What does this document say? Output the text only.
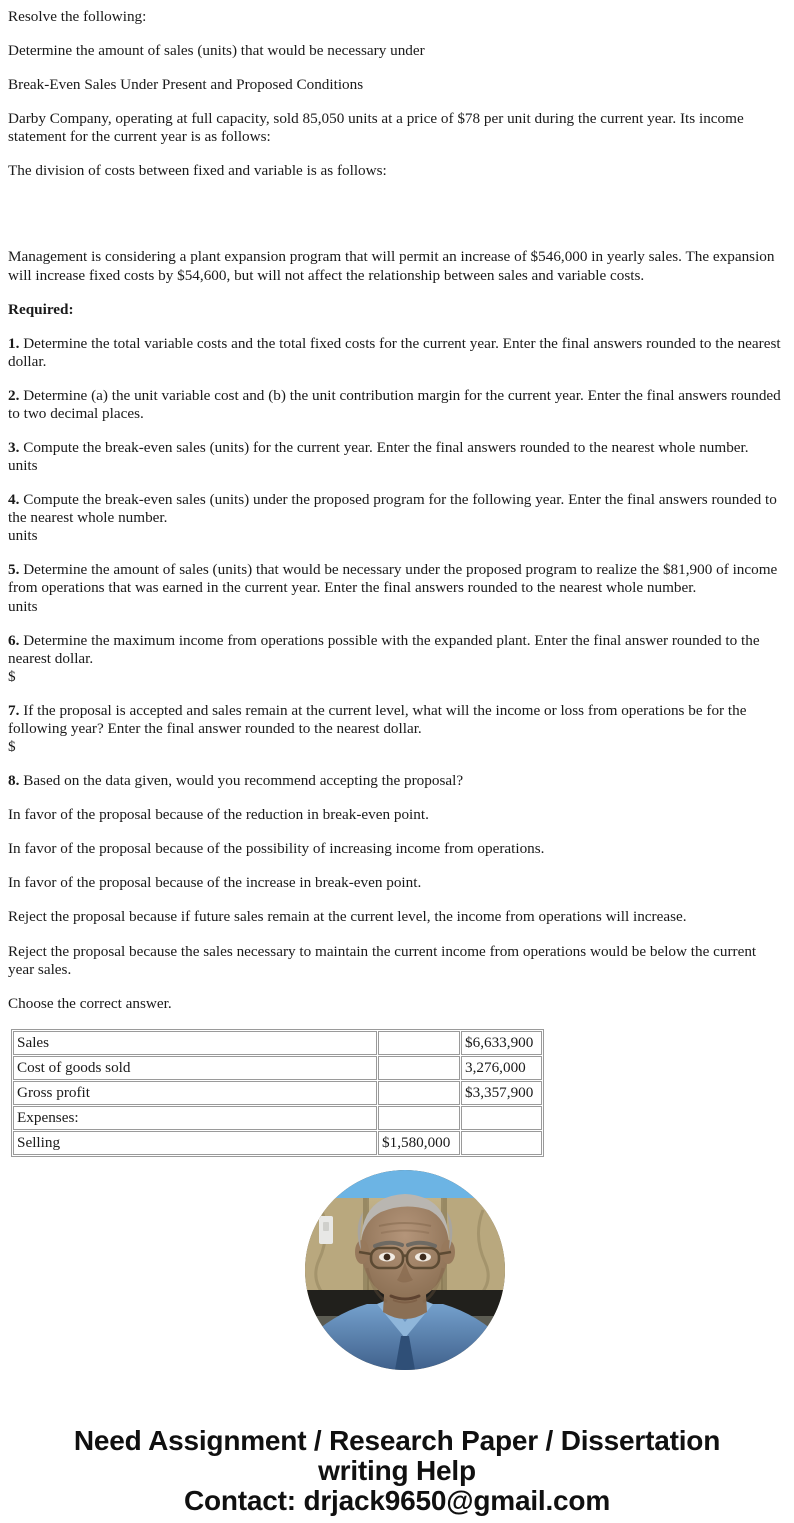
Resolve the following:

Determine the amount of sales (units) that would be necessary under

Break-Even Sales Under Present and Proposed Conditions

Darby Company, operating at full capacity, sold 85,050 units at a price of $78 per unit during the current year. Its income statement for the current year is as follows:

The division of costs between fixed and variable is as follows:

Management is considering a plant expansion program that will permit an increase of $546,000 in yearly sales. The expansion will increase fixed costs by $54,600, but will not affect the relationship between sales and variable costs.

Required:

1. Determine the total variable costs and the total fixed costs for the current year. Enter the final answers rounded to the nearest dollar.

2. Determine (a) the unit variable cost and (b) the unit contribution margin for the current year. Enter the final answers rounded to two decimal places.

3. Compute the break-even sales (units) for the current year. Enter the final answers rounded to the nearest whole number.

units

4. Compute the break-even sales (units) under the proposed program for the following year. Enter the final answers rounded to the nearest whole number.

units

5. Determine the amount of sales (units) that would be necessary under the proposed program to realize the $81,900 of income from operations that was earned in the current year. Enter the final answers rounded to the nearest whole number.

units

6. Determine the maximum income from operations possible with the expanded plant. Enter the final answer rounded to the nearest dollar.

$

7. If the proposal is accepted and sales remain at the current level, what will the income or loss from operations be for the following year? Enter the final answer rounded to the nearest dollar.

$

8. Based on the data given, would you recommend accepting the proposal?

In favor of the proposal because of the reduction in break-even point.

In favor of the proposal because of the possibility of increasing income from operations.

In favor of the proposal because of the increase in break-even point.

Reject the proposal because if future sales remain at the current level, the income from operations will increase.

Reject the proposal because the sales necessary to maintain the current income from operations would be below the current year sales.

Choose the correct answer.

Sales		$6,633,900
Cost of goods sold		3,276,000
Gross profit		$3,357,900
Expenses:		
Selling	$1,580,000	
Need Assignment / Research Paper / Dissertation
writing Help
Contact: drjack9650@gmail.com
